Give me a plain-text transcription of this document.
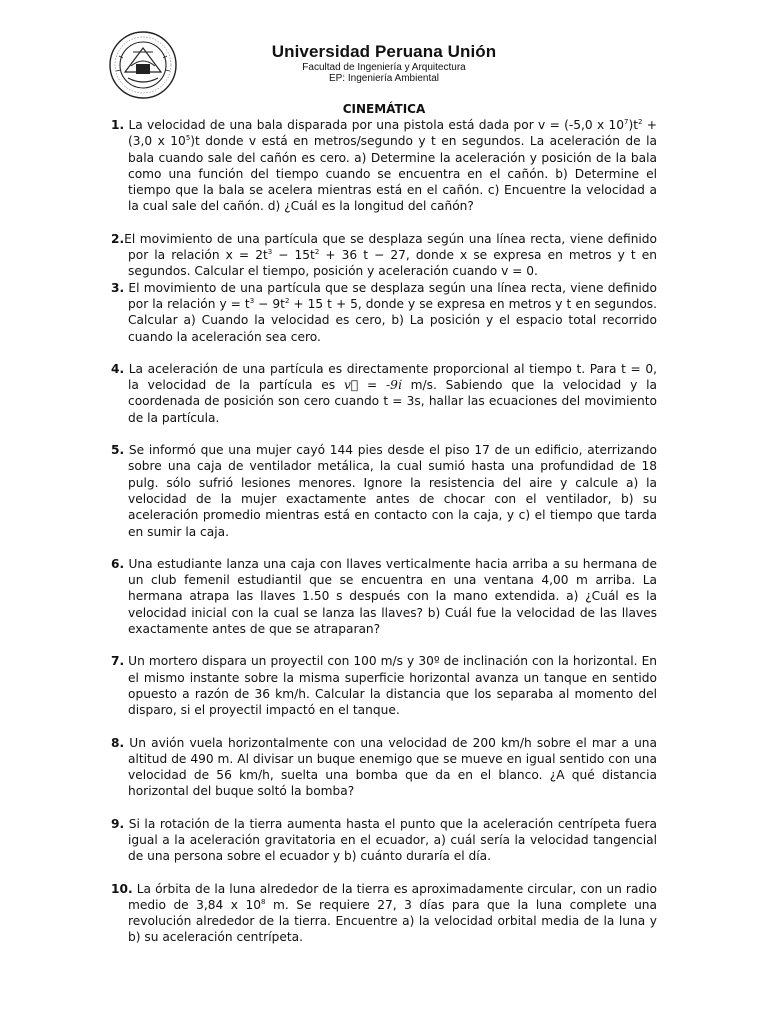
Universidad Peruana Unión
Facultad de Ingeniería y Arquitectura
EP: Ingeniería Ambiental
CINEMÁTICA
1. La velocidad de una bala disparada por una pistola está dada por v = (-5,0 x $10^7)t^2 + (3,0$ x $10^5)t$ donde v está en metros/segundo y t en segundos. La aceleración de la bala cuando sale del cañón es cero. a) Determine la aceleración y posición de la bala como una función del tiempo cuando se encuentra en el cañón. b) Determine el tiempo que la bala se acelera mientras está en el cañón. c) Encuentre la velocidad a la cual sale del cañón. d) ¿Cuál es la longitud del cañón?
2.El movimiento de una partícula que se desplaza según una línea recta, viene definido por la relación $x = 2t^3 - 15t^2 + 36$ t − 27, donde x se expresa en metros y t en segundos. Calcular el tiempo, posición y aceleración cuando v = 0.
3. El movimiento de una partícula que se desplaza según una línea recta, viene definido por la relación $y = t^3 - 9t^2 + 15$ t + 5, donde y se expresa en metros y t en segundos. Calcular a) Cuando la velocidad es cero, b) La posición y el espacio total recorrido cuando la aceleración sea cero.
4. La aceleración de una partícula es directamente proporcional al tiempo t. Para t = 0, la velocidad de la partícula es v⃗ = -9i̇ m/s. Sabiendo que la velocidad y la coordenada de posición son cero cuando t = 3s, hallar las ecuaciones del movimiento de la partícula.
5. Se informó que una mujer cayó 144 pies desde el piso 17 de un edificio, aterrizando sobre una caja de ventilador metálica, la cual sumió hasta una profundidad de 18 pulg. sólo sufrió lesiones menores. Ignore la resistencia del aire y calcule a) la velocidad de la mujer exactamente antes de chocar con el ventilador, b) su aceleración promedio mientras está en contacto con la caja, y c) el tiempo que tarda en sumir la caja.
6. Una estudiante lanza una caja con llaves verticalmente hacia arriba a su hermana de un club femenil estudiantil que se encuentra en una ventana 4,00 m arriba. La hermana atrapa las llaves 1.50 s después con la mano extendida. a) ¿Cuál es la velocidad inicial con la cual se lanza las llaves? b) Cuál fue la velocidad de las llaves exactamente antes de que se atraparan?
7. Un mortero dispara un proyectil con 100 m/s y 30º de inclinación con la horizontal. En el mismo instante sobre la misma superficie horizontal avanza un tanque en sentido opuesto a razón de 36 km/h. Calcular la distancia que los separaba al momento del disparo, si el proyectil impactó en el tanque.
8. Un avión vuela horizontalmente con una velocidad de 200 km/h sobre el mar a una altitud de 490 m. Al divisar un buque enemigo que se mueve en igual sentido con una velocidad de 56 km/h, suelta una bomba que da en el blanco. ¿A qué distancia horizontal del buque soltó la bomba?
9. Si la rotación de la tierra aumenta hasta el punto que la aceleración centrípeta fuera igual a la aceleración gravitatoria en el ecuador, a) cuál sería la velocidad tangencial de una persona sobre el ecuador y b) cuánto duraría el día.
10. La órbita de la luna alrededor de la tierra es aproximadamente circular, con un radio medio de 3,84 x $10^8$ m. Se requiere 27, 3 días para que la luna complete una revolución alrededor de la tierra. Encuentre a) la velocidad orbital media de la luna y b) su aceleración centrípeta.
